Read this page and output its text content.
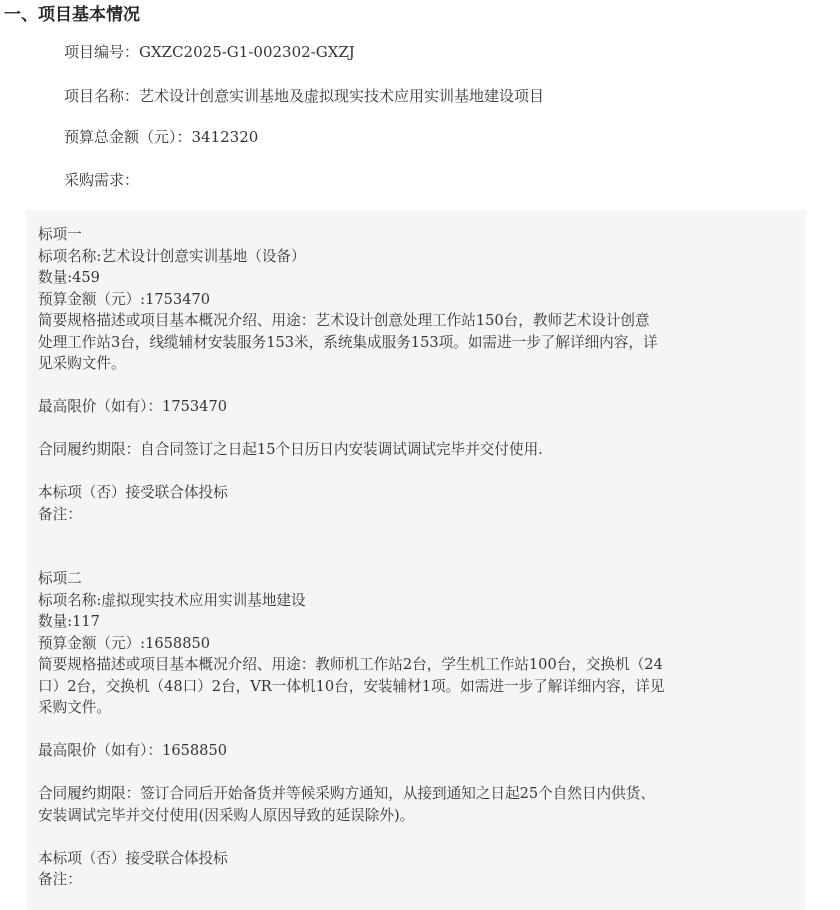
一、项目基本情况
项目编号：GXZC2025-G1-002302-GXZJ
项目名称：艺术设计创意实训基地及虚拟现实技术应用实训基地建设项目
预算总金额（元）：3412320
采购需求：
标项一
标项名称:艺术设计创意实训基地（设备）
数量:459
预算金额（元）:1753470
简要规格描述或项目基本概况介绍、用途：艺术设计创意处理工作站150台，教师艺术设计创意
处理工作站3台，线缆辅材安装服务153米，系统集成服务153项。如需进一步了解详细内容，详
见采购文件。
最高限价（如有）：1753470
合同履约期限：自合同签订之日起15个日历日内安装调试调试完毕并交付使用.
本标项（否）接受联合体投标
备注：
标项二
标项名称:虚拟现实技术应用实训基地建设
数量:117
预算金额（元）:1658850
简要规格描述或项目基本概况介绍、用途：教师机工作站2台，学生机工作站100台，交换机（24
口）2台，交换机（48口）2台，VR一体机10台，安装辅材1项。如需进一步了解详细内容，详见
采购文件。
最高限价（如有）：1658850
合同履约期限：签订合同后开始备货并等候采购方通知，从接到通知之日起25个自然日内供货、
安装调试完毕并交付使用(因采购人原因导致的延误除外)。
本标项（否）接受联合体投标
备注：
